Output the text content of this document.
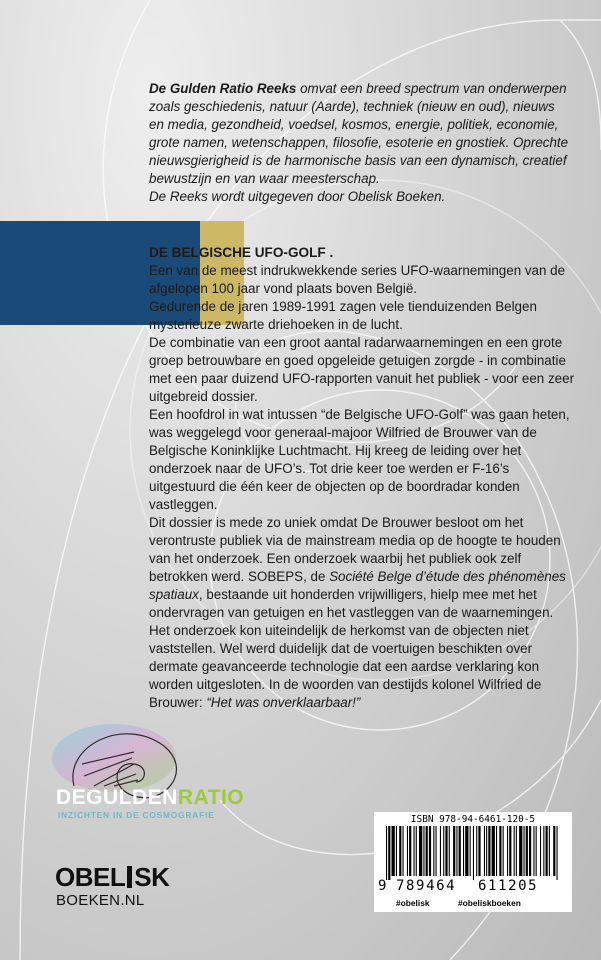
De Gulden Ratio Reeks omvat een breed spectrum van onderwerpen zoals geschiedenis, natuur (Aarde), techniek (nieuw en oud), nieuws en media, gezondheid, voedsel, kosmos, energie, politiek, economie, grote namen, wetenschappen, filosofie, esoterie en gnostiek. Oprechte nieuwsgierigheid is de harmonische basis van een dynamisch, creatief bewustzijn en van waar meesterschap.
De Reeks wordt uitgegeven door Obelisk Boeken.

DE BELGISCHE UFO-GOLF .

Een van de meest indrukwekkende series UFO-waarnemingen van de afgelopen 100 jaar vond plaats boven België.

Gedurende de jaren 1989-1991 zagen vele tienduizenden Belgen mysterieuze zwarte driehoeken in de lucht.

De combinatie van een groot aantal radarwaarnemingen en een grote groep betrouwbare en goed opgeleide getuigen zorgde - in combinatie met een paar duizend UFO-rapporten vanuit het publiek - voor een zeer uitgebreid dossier.

Een hoofdrol in wat intussen “de Belgische UFO-Golf” was gaan heten, was weggelegd voor generaal-majoor Wilfried de Brouwer van de Belgische Koninklijke Luchtmacht. Hij kreeg de leiding over het onderzoek naar de UFO’s. Tot drie keer toe werden er F-16’s uitgestuurd die één keer de objecten op de boordradar konden vastleggen.

Dit dossier is mede zo uniek omdat De Brouwer besloot om het verontruste publiek via de mainstream media op de hoogte te houden van het onderzoek. Een onderzoek waarbij het publiek ook zelf betrokken werd. SOBEPS, de Société Belge d’étude des phénomènes spatiaux, bestaande uit honderden vrijwilligers, hielp mee met het ondervragen van getuigen en het vastleggen van de waarnemingen.

Het onderzoek kon uiteindelijk de herkomst van de objecten niet vaststellen. Wel werd duidelijk dat de voertuigen beschikten over dermate geavanceerde technologie dat een aardse verklaring kon worden uitgesloten. In de woorden van destijds kolonel Wilfried de Brouwer: “Het was onverklaarbaar!”

DEGULDENRATIO
INZICHTEN IN DE COSMOGRAFIE
OBEL SK
BOEKEN.NL
ISBN 978-94-6461-120-5
9 789464 611205
#obelisk	#obeliskboeken
